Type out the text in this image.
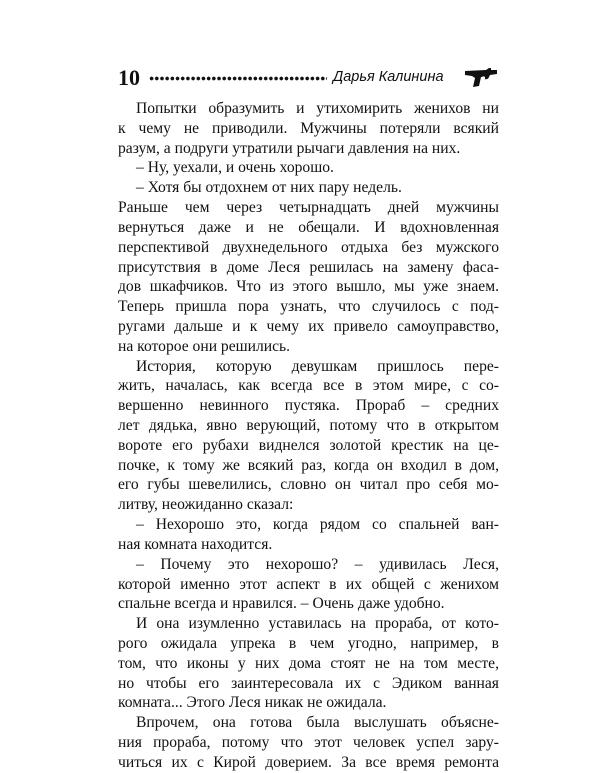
10	Дарья Калинина
Попытки образумить и утихомирить женихов ни
к чему не приводили. Мужчины потеряли всякий
разум, а подруги утратили рычаги давления на них.
– Ну, уехали, и очень хорошо.
– Хотя бы отдохнем от них пару недель.
Раньше чем через четырнадцать дней мужчины
вернуться даже и не обещали. И вдохновленная
перспективой двухнедельного отдыха без мужского
присутствия в доме Леся решилась на замену фаса-
дов шкафчиков. Что из этого вышло, мы уже знаем.
Теперь пришла пора узнать, что случилось с под-
ругами дальше и к чему их привело самоуправство,
на которое они решились.
История, которую девушкам пришлось пере-
жить, началась, как всегда все в этом мире, с со-
вершенно невинного пустяка. Прораб – средних
лет дядька, явно верующий, потому что в открытом
вороте его рубахи виднелся золотой крестик на це-
почке, к тому же всякий раз, когда он входил в дом,
его губы шевелились, словно он читал про себя мо-
литву, неожиданно сказал:
– Нехорошо это, когда рядом со спальней ван-
ная комната находится.
– Почему это нехорошо? – удивилась Леся,
которой именно этот аспект в их общей с женихом
спальне всегда и нравился. – Очень даже удобно.
И она изумленно уставилась на прораба, от кото-
рого ожидала упрека в чем угодно, например, в
том, что иконы у них дома стоят не на том месте,
но чтобы его заинтересовала их с Эдиком ванная
комната... Этого Леся никак не ожидала.
Впрочем, она готова была выслушать объясне-
ния прораба, потому что этот человек успел зару-
читься их с Кирой доверием. За все время ремонта
